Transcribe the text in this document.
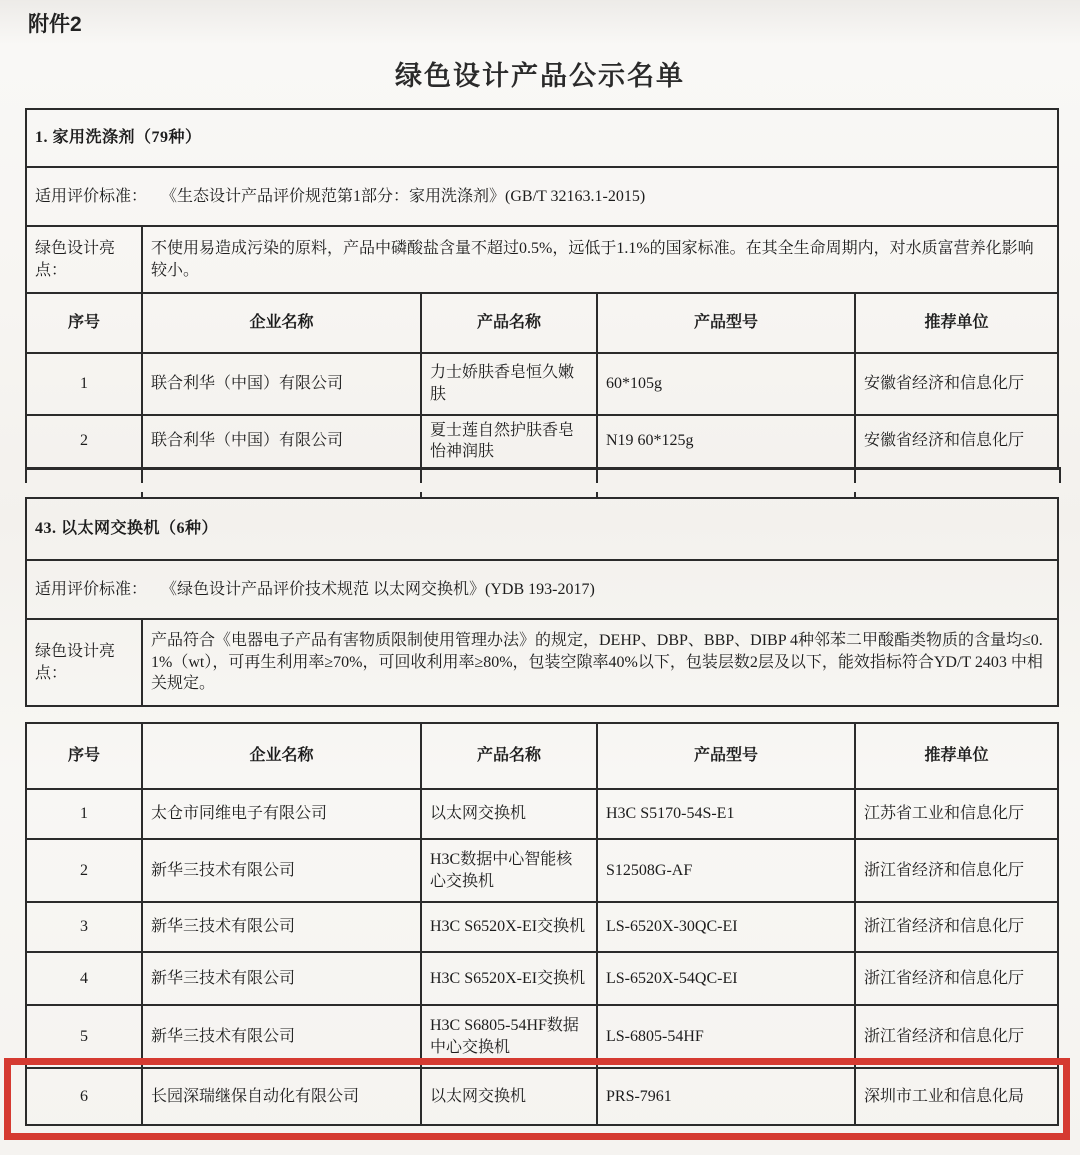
附件2
绿色设计产品公示名单
1. 家用洗涤剂（79种）				
适用评价标准： 《生态设计产品评价规范第1部分：家用洗涤剂》(GB/T 32163.1-2015)				
绿色设计亮点：	不使用易造成污染的原料，产品中磷酸盐含量不超过0.5%，远低于1.1%的国家标准。在其全生命周期内，对水质富营养化影响较小。			
序号	企业名称	产品名称	产品型号	推荐单位
1	联合利华（中国）有限公司	力士娇肤香皂恒久嫩肤	60*105g	安徽省经济和信息化厅
2	联合利华（中国）有限公司	夏士莲自然护肤香皂怡神润肤	N19 60*125g	安徽省经济和信息化厅
43. 以太网交换机（6种）
适用评价标准： 《绿色设计产品评价技术规范 以太网交换机》(YDB 193-2017)
绿色设计亮点：	产品符合《电器电子产品有害物质限制使用管理办法》的规定，DEHP、DBP、BBP、DIBP 4种邻苯二甲酸酯类物质的含量均≤0.1%（wt），可再生利用率≥70%，可回收利用率≥80%，包装空隙率40%以下，包装层数2层及以下，能效指标符合YD/T 2403 中相关规定。
序号	企业名称	产品名称	产品型号	推荐单位
1	太仓市同维电子有限公司	以太网交换机	H3C S5170-54S-E1	江苏省工业和信息化厅
2	新华三技术有限公司	H3C数据中心智能核心交换机	S12508G-AF	浙江省经济和信息化厅
3	新华三技术有限公司	H3C S6520X-EI交换机	LS-6520X-30QC-EI	浙江省经济和信息化厅
4	新华三技术有限公司	H3C S6520X-EI交换机	LS-6520X-54QC-EI	浙江省经济和信息化厅
5	新华三技术有限公司	H3C S6805-54HF数据中心交换机	LS-6805-54HF	浙江省经济和信息化厅
6	长园深瑞继保自动化有限公司	以太网交换机	PRS-7961	深圳市工业和信息化局
